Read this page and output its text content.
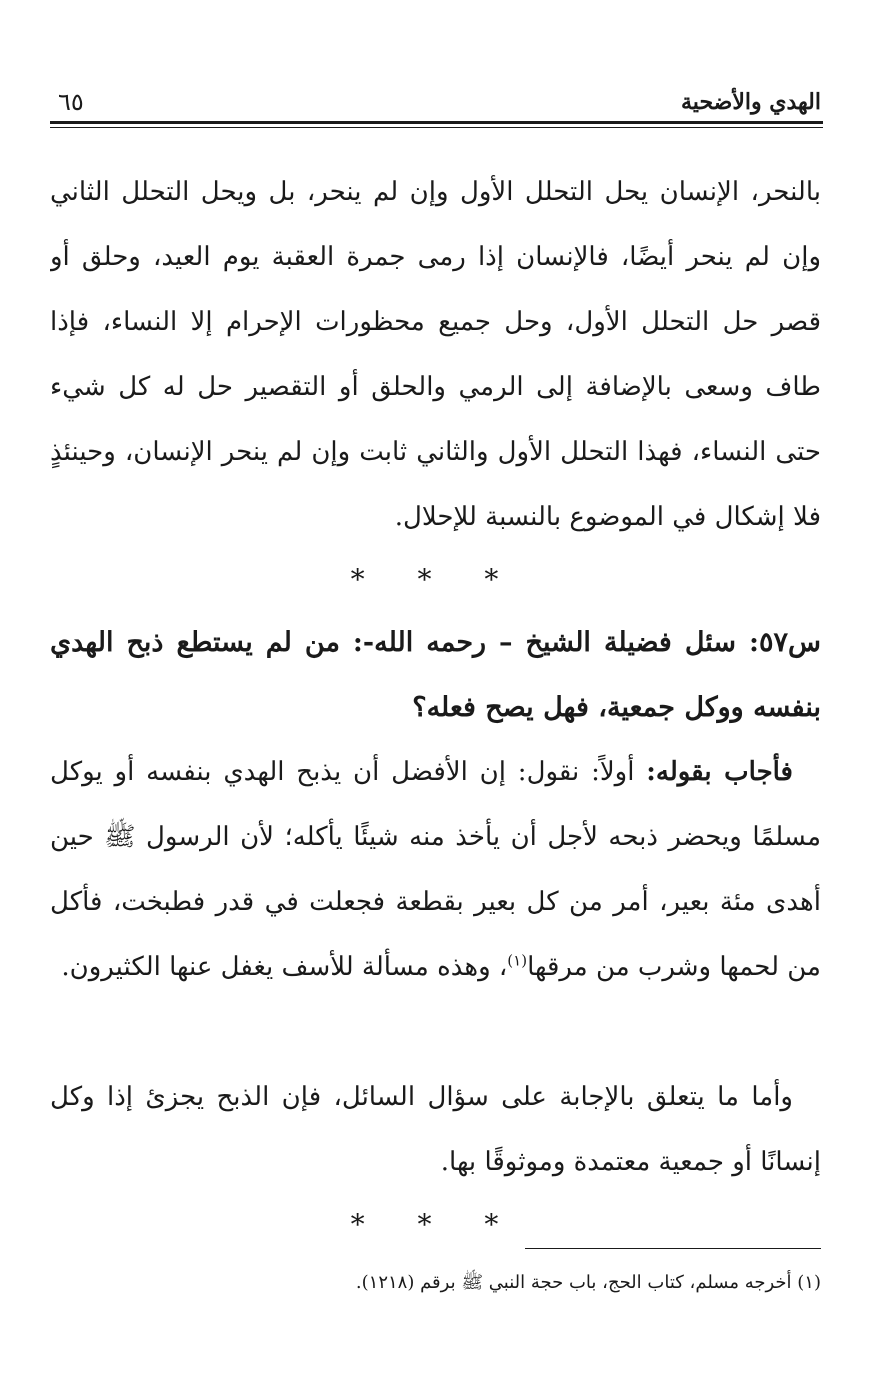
الهدي والأضحية
٦٥

بالنحر، الإنسان يحل التحلل الأول وإن لم ينحر، بل ويحل التحلل الثاني وإن لم ينحر أيضًا، فالإنسان إذا رمى جمرة العقبة يوم العيد، وحلق أو قصر حل التحلل الأول، وحل جميع محظورات الإحرام إلا النساء، فإذا طاف وسعى بالإضافة إلى الرمي والحلق أو التقصير حل له كل شيء حتى النساء، فهذا التحلل الأول والثاني ثابت وإن لم ينحر الإنسان، وحينئذٍ فلا إشكال في الموضوع بالنسبة للإحلال.

* * *

س٥٧: سئل فضيلة الشيخ – رحمه الله-: من لم يستطع ذبح الهدي بنفسه ووكل جمعية، فهل يصح فعله؟

فأجاب بقوله: أولاً: نقول: إن الأفضل أن يذبح الهدي بنفسه أو يوكل مسلمًا ويحضر ذبحه لأجل أن يأخذ منه شيئًا يأكله؛ لأن الرسول ﷺ حين أهدى مئة بعير، أمر من كل بعير بقطعة فجعلت في قدر فطبخت، فأكل من لحمها وشرب من مرقها$^{(١)}$، وهذه مسألة للأسف يغفل عنها الكثيرون.

وأما ما يتعلق بالإجابة على سؤال السائل، فإن الذبح يجزئ إذا وكل إنسانًا أو جمعية معتمدة وموثوقًا بها.

* * *

(١) أخرجه مسلم، كتاب الحج، باب حجة النبي ﷺ برقم (١٢١٨).
